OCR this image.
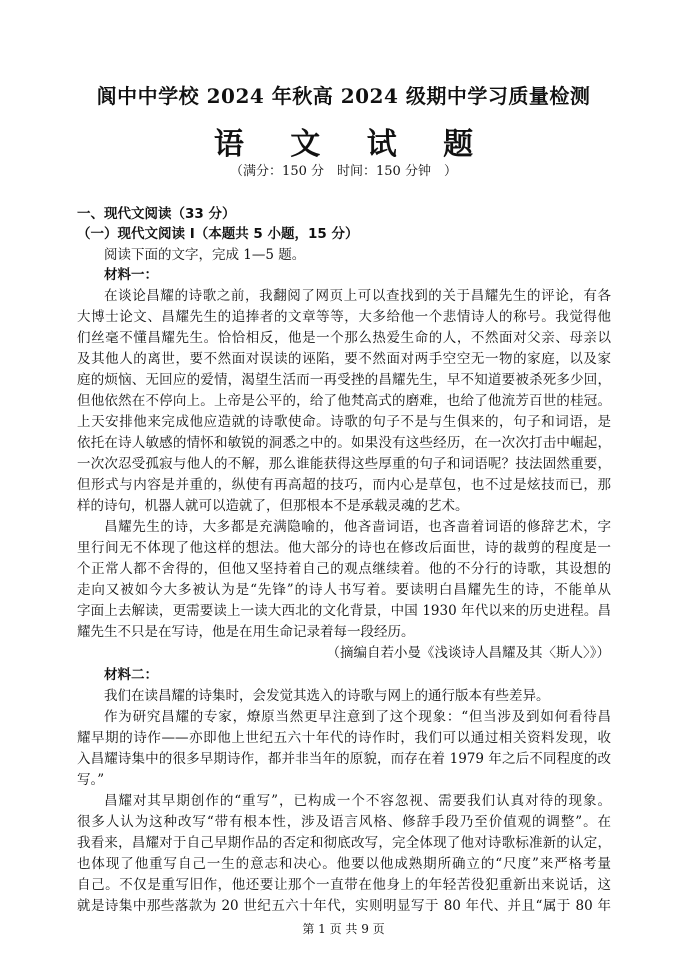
阆中中学校 2024 年秋高 2024 级期中学习质量检测
语 文 试 题
（满分：150 分　时间：150 分钟　）
一、现代文阅读（33 分）
（一）现代文阅读 I（本题共 5 小题，15 分）
阅读下面的文字，完成 1—5 题。
材料一：
在谈论昌耀的诗歌之前，我翻阅了网页上可以查找到的关于昌耀先生的评论，有各
大博士论文、昌耀先生的追捧者的文章等等，大多给他一个悲情诗人的称号。我觉得他
们丝毫不懂昌耀先生。恰恰相反，他是一个那么热爱生命的人，不然面对父亲、母亲以
及其他人的离世，要不然面对误读的诬陷，要不然面对两手空空无一物的家庭，以及家
庭的烦恼、无回应的爱情，渴望生活而一再受挫的昌耀先生，早不知道要被杀死多少回，
但他依然在不停向上。上帝是公平的，给了他梵高式的磨难，也给了他流芳百世的桂冠。
上天安排他来完成他应造就的诗歌使命。诗歌的句子不是与生俱来的，句子和词语，是
依托在诗人敏感的情怀和敏锐的洞悉之中的。如果没有这些经历，在一次次打击中崛起，
一次次忍受孤寂与他人的不解，那么谁能获得这些厚重的句子和词语呢？技法固然重要，
但形式与内容是并重的，纵使有再高超的技巧，而内心是草包，也不过是炫技而已，那
样的诗句，机器人就可以造就了，但那根本不是承载灵魂的艺术。
昌耀先生的诗，大多都是充满隐喻的，他吝啬词语，也吝啬着词语的修辞艺术，字
里行间无不体现了他这样的想法。他大部分的诗也在修改后面世，诗的裁剪的程度是一
个正常人都不舍得的，但他又坚持着自己的观点继续着。他的不分行的诗歌，其设想的
走向又被如今大多被认为是“先锋”的诗人书写着。要读明白昌耀先生的诗，不能单从
字面上去解读，更需要读上一读大西北的文化背景，中国 1930 年代以来的历史进程。昌
耀先生不只是在写诗，他是在用生命记录着每一段经历。
（摘编自若小曼《浅谈诗人昌耀及其〈斯人〉》）
材料二：
我们在读昌耀的诗集时，会发觉其选入的诗歌与网上的通行版本有些差异。
作为研究昌耀的专家，燎原当然更早注意到了这个现象：“但当涉及到如何看待昌
耀早期的诗作——亦即他上世纪五六十年代的诗作时，我们可以通过相关资料发现，收
入昌耀诗集中的很多早期诗作，都并非当年的原貌，而存在着 1979 年之后不同程度的改
写。”
昌耀对其早期创作的“重写”，已构成一个不容忽视、需要我们认真对待的现象。
很多人认为这种改写“带有根本性，涉及语言风格、修辞手段乃至价值观的调整”。在
我看来，昌耀对于自己早期作品的否定和彻底改写，完全体现了他对诗歌标准新的认定，
也体现了他重写自己一生的意志和决心。他要以他成熟期所确立的“尺度”来严格考量
自己。不仅是重写旧作，他还要让那个一直带在他身上的年轻苦役犯重新出来说话，这
就是诗集中那些落款为 20 世纪五六十年代，实则明显写于 80 年代、并且“属于 80 年
第 1 页 共 9 页
